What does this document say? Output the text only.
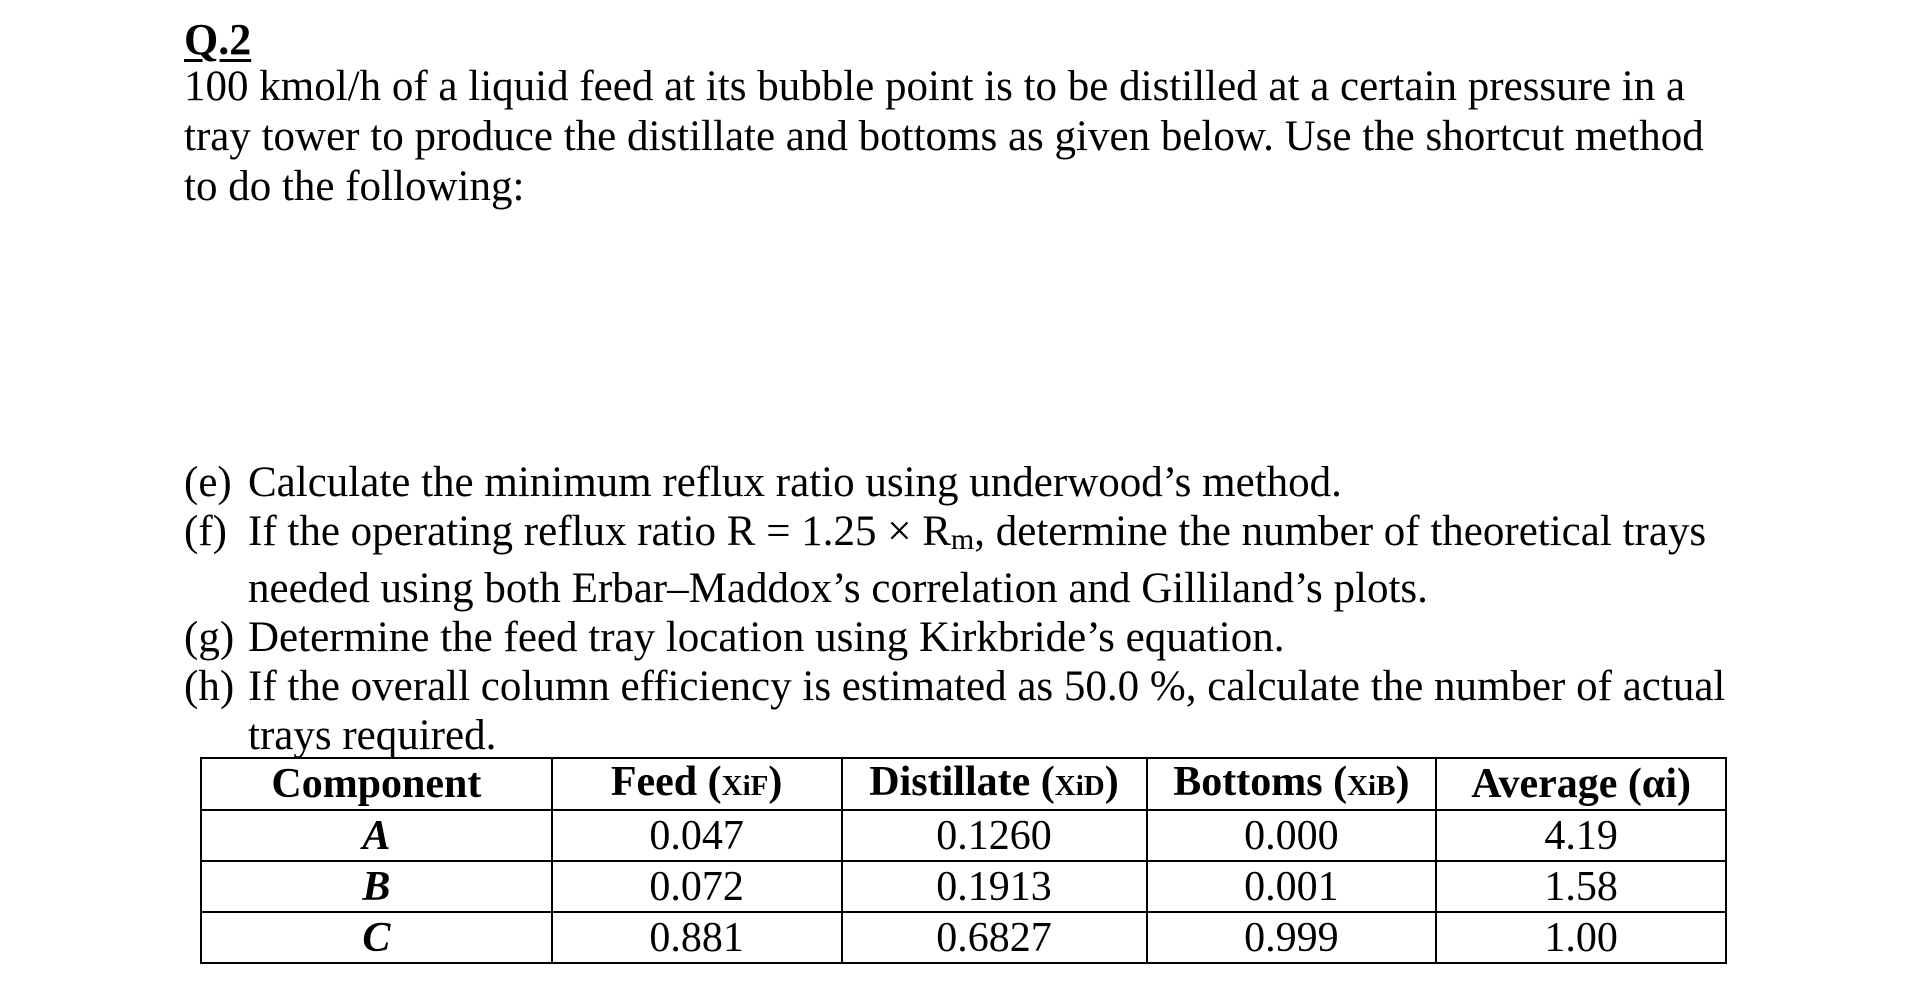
Q.2

100 kmol/h of a liquid feed at its bubble point is to be distilled at a certain pressure in a tray tower to produce the distillate and bottoms as given below. Use the shortcut method to do the following:

(e) Calculate the minimum reflux ratio using underwood’s method.
(f) If the operating reflux ratio $R = 1.25 \times R_m$, determine the number of theoretical trays needed using both Erbar–Maddox’s correlation and Gilliland’s plots.
(g) Determine the feed tray location using Kirkbride’s equation.
(h) If the overall column efficiency is estimated as 50.0 %, calculate the number of actual trays required.
Component	Feed (XiF)	Distillate (XiD)	Bottoms (XiB)	Average (αi)
A	0.047	0.1260	0.000	4.19
B	0.072	0.1913	0.001	1.58
C	0.881	0.6827	0.999	1.00
